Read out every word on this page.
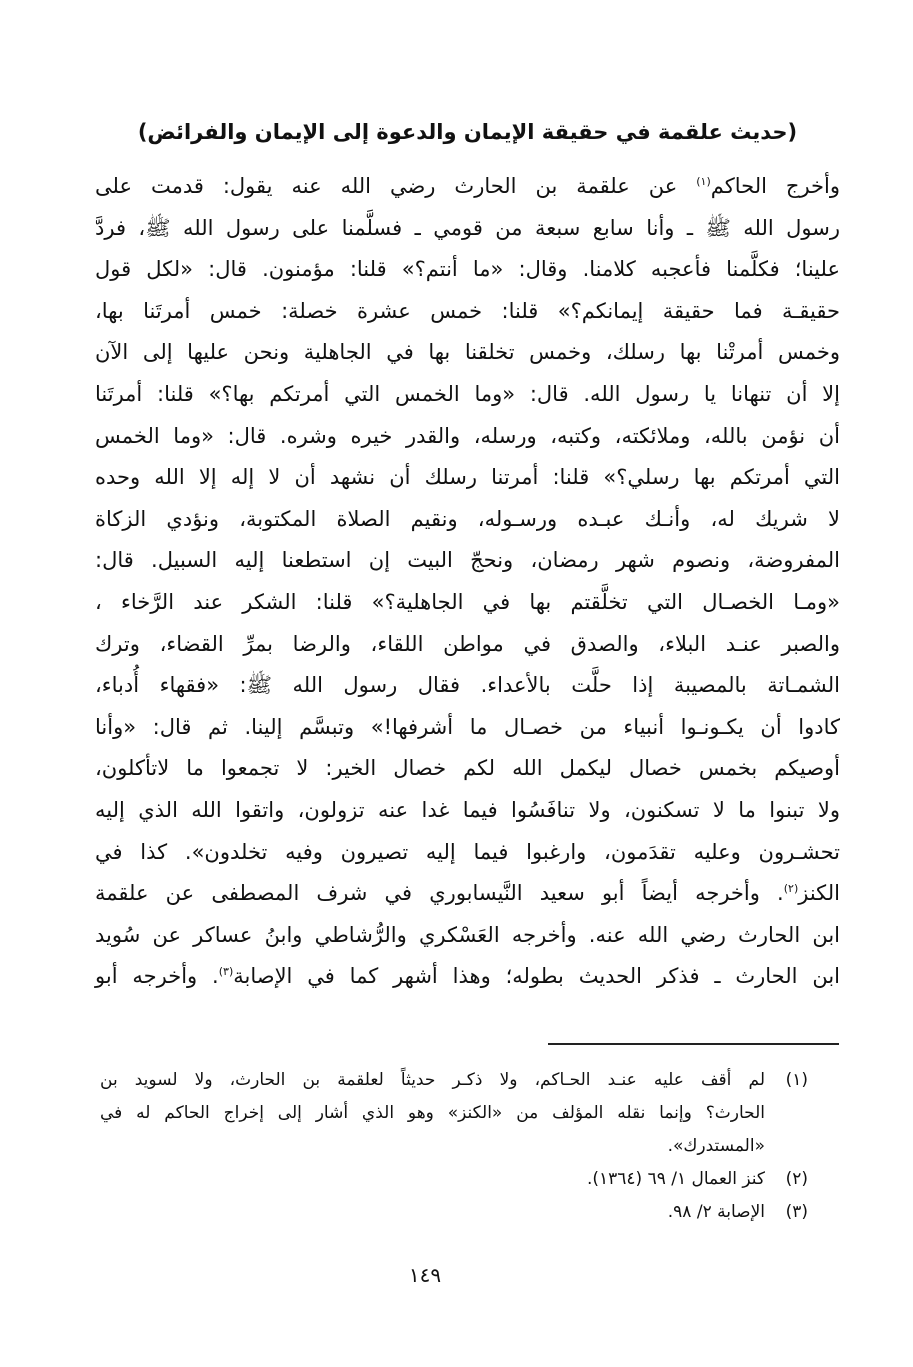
(حديث علقمة في حقيقة الإيمان والدعوة إلى الإيمان والفرائض)
وأخرج الحاكم$^{(١)}$ عن علقمة بن الحارث رضي الله عنه يقول: قدمت على
رسول الله ﷺ ـ وأنا سابع سبعة من قومي ـ فسلَّمنا على رسول الله ﷺ، فردَّ
علينا؛ فكلَّمنا فأعجبه كلامنا. وقال: «ما أنتم؟» قلنا: مؤمنون. قال: «لكل قول
حقيقـة فما حقيقة إيمانكم؟» قلنا: خمس عشرة خصلة: خمس أمرتَنا بها،
وخمس أمرتْنا بها رسلك، وخمس تخلقنا بها في الجاهلية ونحن عليها إلى الآن
إلا أن تنهانا يا رسول الله. قال: «وما الخمس التي أمرتكم بها؟» قلنا: أمرتَنا
أن نؤمن بالله، وملائكته، وكتبه، ورسله، والقدر خيره وشره. قال: «وما الخمس
التي أمرتكم بها رسلي؟» قلنا: أمرتنا رسلك أن نشهد أن لا إله إلا الله وحده
لا شريك له، وأنـك عبـده ورسـوله، ونقيم الصلاة المكتوبة، ونؤدي الزكاة
المفروضة، ونصوم شهر رمضان، ونحجّ البيت إن استطعنا إليه السبيل. قال:
«ومـا الخصـال التي تخلَّقتم بها في الجاهلية؟» قلنا: الشكر عند الرَّخاء ،
والصبر عنـد البلاء، والصدق في مواطن اللقاء، والرضا بمرِّ القضاء، وترك
الشمـاتة بالمصيبة إذا حلَّت بالأعداء. فقال رسول الله ﷺ: «فقهاء أُدباء،
كادوا أن يكـونـوا أنبياء من خصـال ما أشرفها!» وتبسَّم إلينا. ثم قال: «وأنا
أوصيكم بخمس خصال ليكمل الله لكم خصال الخير: لا تجمعوا ما لاتأكلون،
ولا تبنوا ما لا تسكنون، ولا تنافَسُوا فيما غدا عنه تزولون، واتقوا الله الذي إليه
تحشـرون وعليه تقدَمون، وارغبوا فيما إليه تصيرون وفيه تخلدون». كذا في
الكنز$^{(٢)}$. وأخرجه أيضاً أبو سعيد النَّيسابوري في شرف المصطفى عن علقمة
ابن الحارث رضي الله عنه. وأخرجه العَسْكري والرُّشاطي وابنُ عساكر عن سُويد
ابن الحارث ـ فذكر الحديث بطوله؛ وهذا أشهر كما في الإصابة$^{(٣)}$. وأخرجه أبو
(١)
لم أقف عليه عنـد الحـاكم، ولا ذكـر حديثاً لعلقمة بن الحارث، ولا لسويد بن
الحارث؟ وإنما نقله المؤلف من «الكنز» وهو الذي أشار إلى إخراج الحاكم له في
«المستدرك».
(٢)
كنز العمال ١/ ٦٩ (١٣٦٤).
(٣)
الإصابة ٢/ ٩٨.
١٤٩
